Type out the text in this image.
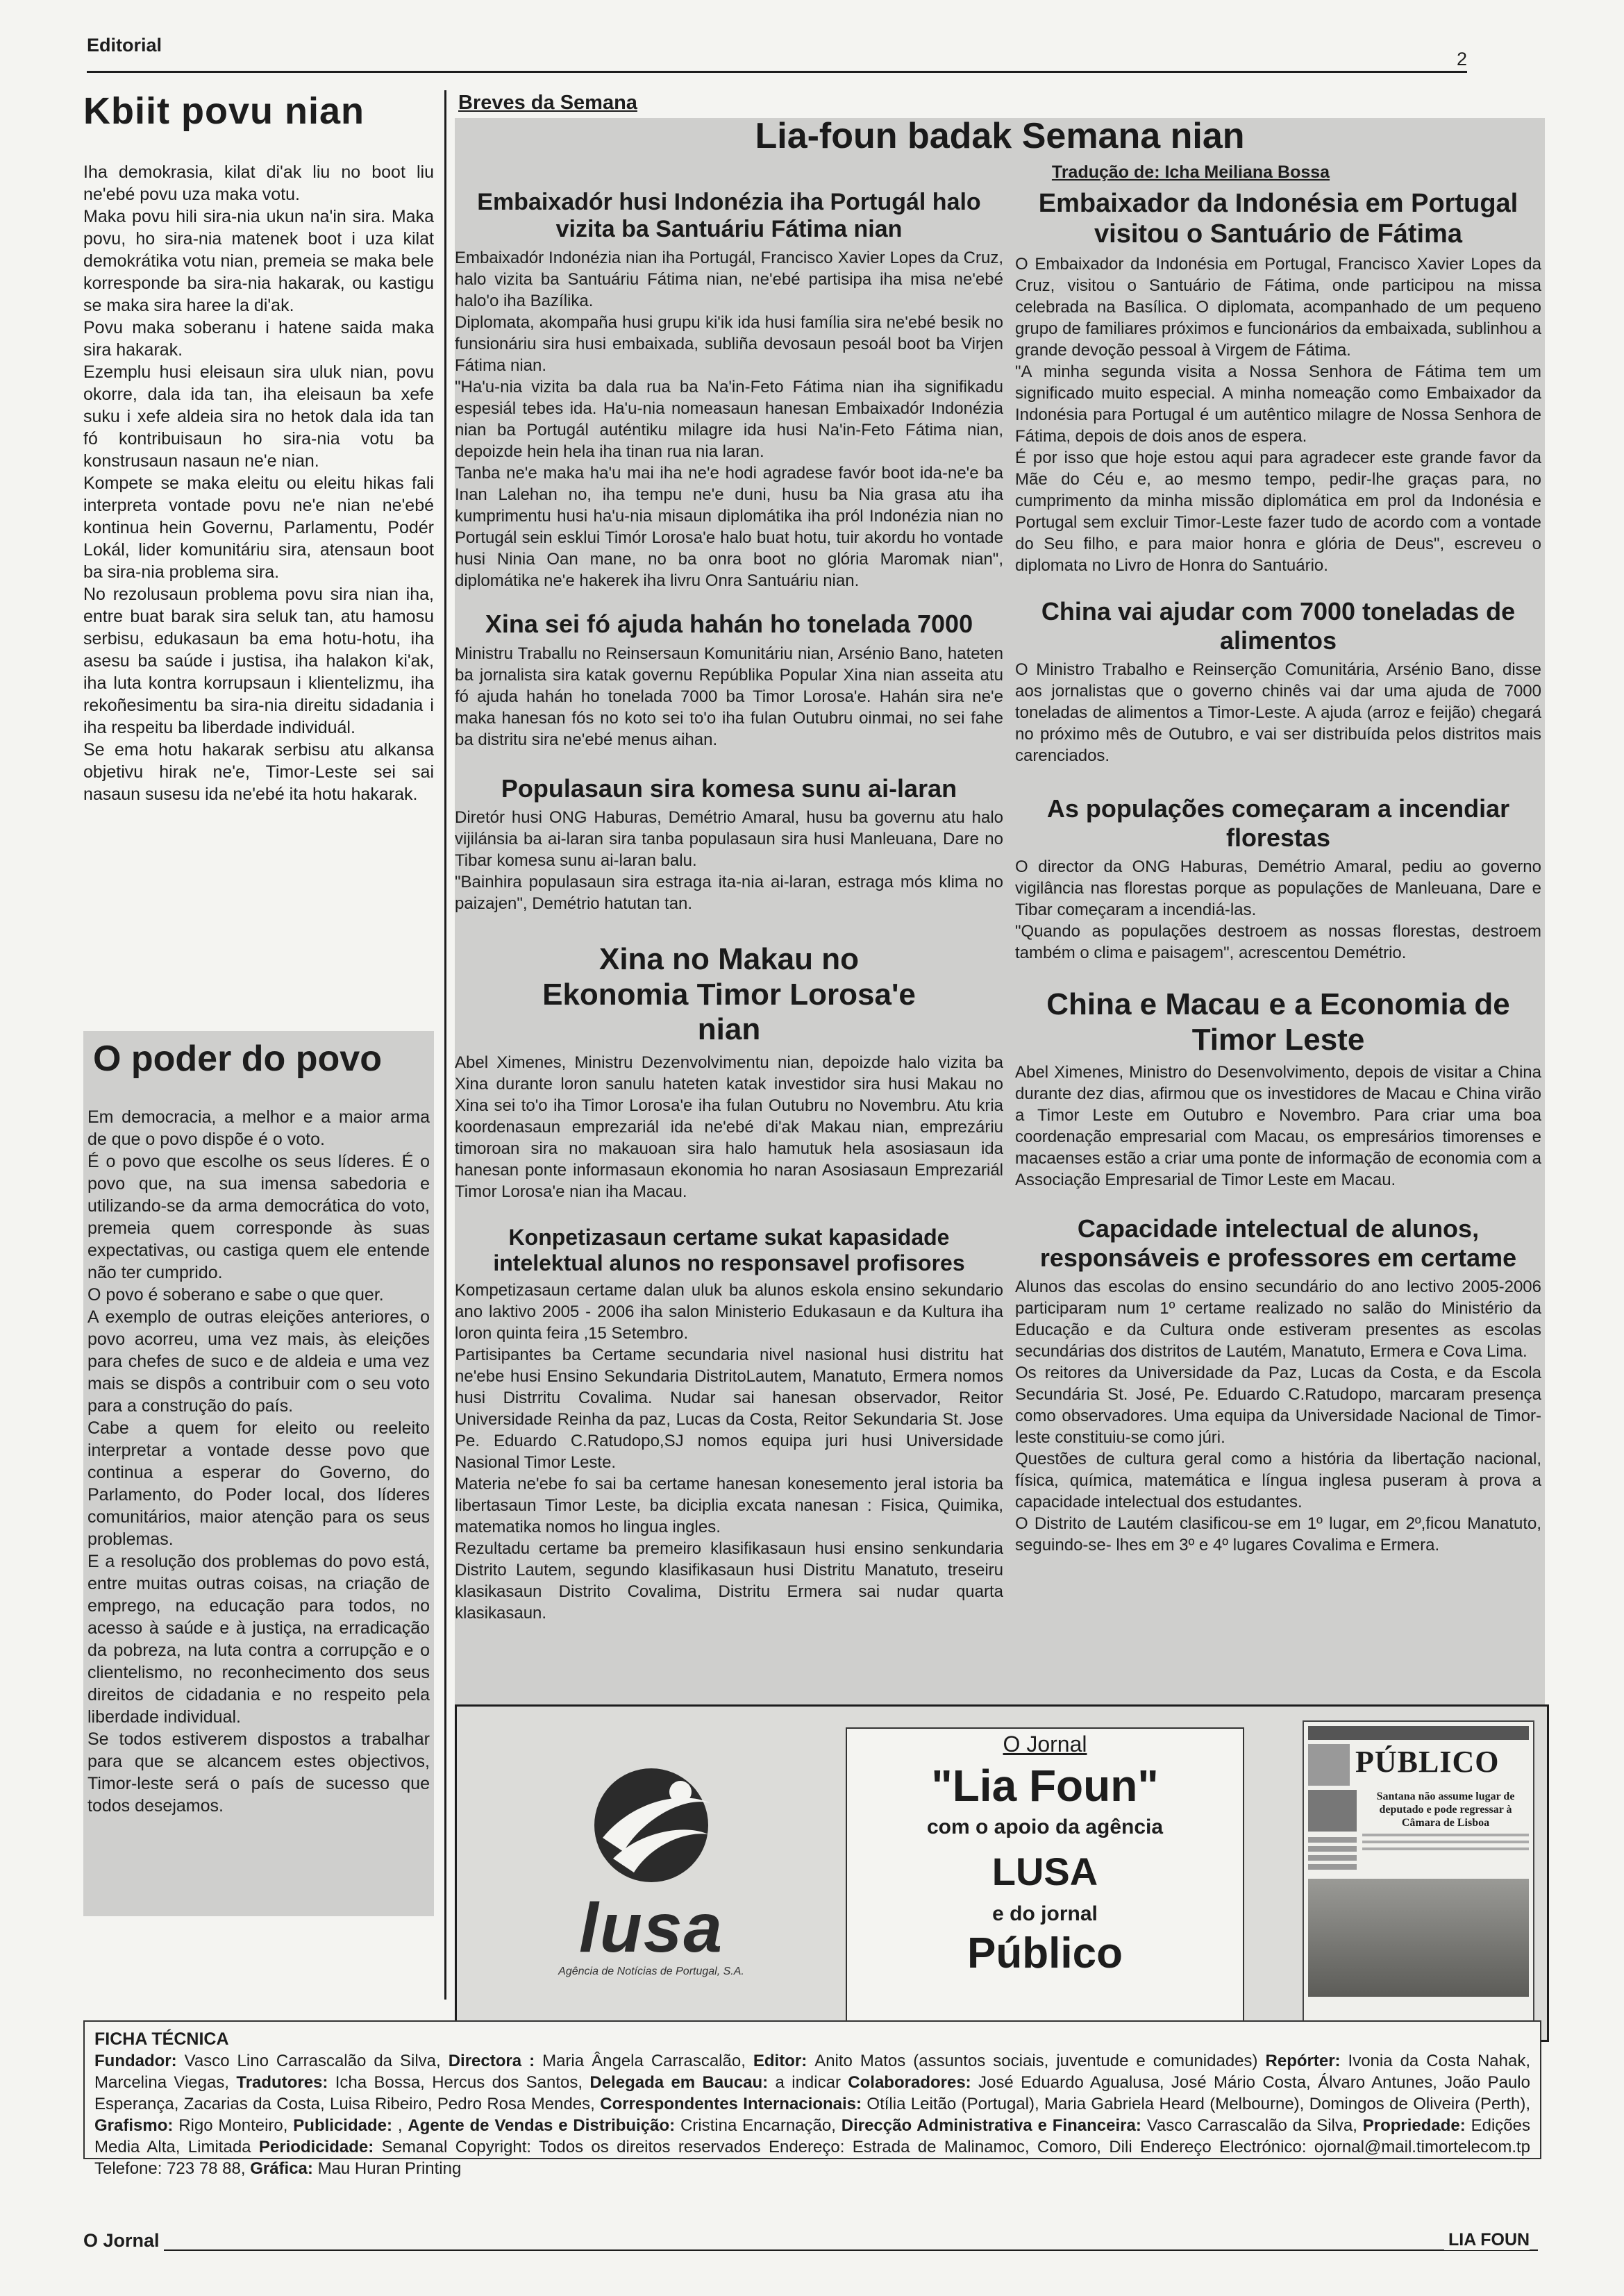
Editorial
2
Kbiit povu nian
Iha demokrasia, kilat di'ak liu no boot liu ne'ebé povu uza maka votu.
Maka povu hili sira-nia ukun na'in sira. Maka povu, ho sira-nia matenek boot i uza kilat demokrátika votu nian, premeia se maka bele korresponde ba sira-nia hakarak, ou kastigu se maka sira haree la di'ak.
Povu maka soberanu i hatene saida maka sira hakarak.
Ezemplu husi eleisaun sira uluk nian, povu okorre, dala ida tan, iha eleisaun ba xefe suku i xefe aldeia sira no hetok dala ida tan fó kontribuisaun ho sira-nia votu ba konstrusaun nasaun ne'e nian.
Kompete se maka eleitu ou eleitu hikas fali interpreta vontade povu ne'e nian ne'ebé kontinua hein Governu, Parlamentu, Podér Lokál, lider komunitáriu sira, atensaun boot ba sira-nia problema sira.
No rezolusaun problema povu sira nian iha, entre buat barak sira seluk tan, atu hamosu serbisu, edukasaun ba ema hotu-hotu, iha asesu ba saúde i justisa, iha halakon ki'ak, iha luta kontra korrupsaun i klientelizmu, iha rekoñesimentu ba sira-nia direitu sidadania i iha respeitu ba liberdade individuál.
Se ema hotu hakarak serbisu atu alkansa objetivu hirak ne'e, Timor-Leste sei sai nasaun susesu ida ne'ebé ita hotu hakarak.
O poder do povo
Em democracia, a melhor e a maior arma de que o povo dispõe é o voto.
É o povo que escolhe os seus líderes. É o povo que, na sua imensa sabedoria e utilizando-se da arma democrática do voto, premeia quem corresponde às suas expectativas, ou castiga quem ele entende não ter cumprido.
O povo é soberano e sabe o que quer.
A exemplo de outras eleições anteriores, o povo acorreu, uma vez mais, às eleições para chefes de suco e de aldeia e uma vez mais se dispôs a contribuir com o seu voto para a construção do país.
Cabe a quem for eleito ou reeleito interpretar a vontade desse povo que continua a esperar do Governo, do Parlamento, do Poder local, dos líderes comunitários, maior atenção para os seus problemas.
E a resolução dos problemas do povo está, entre muitas outras coisas, na criação de emprego, na educação para todos, no acesso à saúde e à justiça, na erradicação da pobreza, na luta contra a corrupção e o clientelismo, no reconhecimento dos seus direitos de cidadania e no respeito pela liberdade individual.
Se todos estiverem dispostos a trabalhar para que se alcancem estes objectivos, Timor-leste será o país de sucesso que todos desejamos.
Breves da Semana
Lia-foun badak Semana nian
Tradução de: Icha Meiliana Bossa
Embaixadór husi Indonézia iha Portugál halo vizita ba Santuáriu Fátima nian
Embaixadór Indonézia nian iha Portugál, Francisco Xavier Lopes da Cruz, halo vizita ba Santuáriu Fátima nian, ne'ebé partisipa iha misa ne'ebé halo'o iha Bazílika.
Diplomata, akompaña husi grupu ki'ik ida husi família sira ne'ebé besik no funsionáriu sira husi embaixada, subliña devosaun pesoál boot ba Virjen Fátima nian.
"Ha'u-nia vizita ba dala rua ba Na'in-Feto Fátima nian iha signifikadu espesiál tebes ida. Ha'u-nia nomeasaun hanesan Embaixadór Indonézia nian ba Portugál auténtiku milagre ida husi Na'in-Feto Fátima nian, depoizde hein hela iha tinan rua nia laran.
Tanba ne'e maka ha'u mai iha ne'e hodi agradese favór boot ida-ne'e ba Inan Lalehan no, iha tempu ne'e duni, husu ba Nia grasa atu iha kumprimentu husi ha'u-nia misaun diplomátika iha pról Indonézia nian no Portugál sein esklui Timór Lorosa'e halo buat hotu, tuir akordu ho vontade husi Ninia Oan mane, no ba onra boot no glória Maromak nian", diplomátika ne'e hakerek iha livru Onra Santuáriu nian.
Xina sei fó ajuda hahán ho tonelada 7000
Ministru Traballu no Reinsersaun Komunitáriu nian, Arsénio Bano, hateten ba jornalista sira katak governu Repúblika Popular Xina nian asseita atu fó ajuda hahán ho tonelada 7000 ba Timor Lorosa'e. Hahán sira ne'e maka hanesan fós no koto sei to'o iha fulan Outubru oinmai, no sei fahe ba distritu sira ne'ebé menus aihan.
Populasaun sira komesa sunu ai-laran
Diretór husi ONG Haburas, Demétrio Amaral, husu ba governu atu halo vijilánsia ba ai-laran sira tanba populasaun sira husi Manleuana, Dare no Tibar komesa sunu ai-laran balu.
"Bainhira populasaun sira estraga ita-nia ai-laran, estraga mós klima no paizajen", Demétrio hatutan tan.
Xina no Makau no Ekonomia Timor Lorosa'e nian
Abel Ximenes, Ministru Dezenvolvimentu nian, depoizde halo vizita ba Xina durante loron sanulu hateten katak investidor sira husi Makau no Xina sei to'o iha Timor Lorosa'e iha fulan Outubru no Novembru. Atu kria koordenasaun emprezariál ida ne'ebé di'ak Makau nian, emprezáriu timoroan sira no makauoan sira halo hamutuk hela asosiasaun ida hanesan ponte informasaun ekonomia ho naran Asosiasaun Emprezariál Timor Lorosa'e nian iha Macau.
Konpetizasaun certame sukat kapasidade intelektual alunos no responsavel profisores
Kompetizasaun certame dalan uluk ba alunos eskola ensino sekundario ano laktivo 2005 - 2006 iha salon Ministerio Edukasaun e da Kultura iha loron quinta feira ,15 Setembro.
Partisipantes ba Certame secundaria nivel nasional husi distritu hat ne'ebe husi Ensino Sekundaria DistritoLautem, Manatuto, Ermera nomos husi Distrritu Covalima. Nudar sai hanesan observador, Reitor Universidade Reinha da paz, Lucas da Costa, Reitor Sekundaria St. Jose Pe. Eduardo C.Ratudopo,SJ nomos equipa juri husi Universidade Nasional Timor Leste.
Materia ne'ebe fo sai ba certame hanesan konesemento jeral istoria ba libertasaun Timor Leste, ba diciplia excata nanesan : Fisica, Quimika, matematika nomos ho lingua ingles.
Rezultadu certame ba premeiro klasifikasaun husi ensino senkundaria Distrito Lautem, segundo klasifikasaun husi Distritu Manatuto, treseiru klasikasaun Distrito Covalima, Distritu Ermera sai nudar quarta klasikasaun.
Embaixador da Indonésia em Portugal visitou o Santuário de Fátima
O Embaixador da Indonésia em Portugal, Francisco Xavier Lopes da Cruz, visitou o Santuário de Fátima, onde participou na missa celebrada na Basílica. O diplomata, acompanhado de um pequeno grupo de familiares próximos e funcionários da embaixada, sublinhou a grande devoção pessoal à Virgem de Fátima.
"A minha segunda visita a Nossa Senhora de Fátima tem um significado muito especial. A minha nomeação como Embaixador da Indonésia para Portugal é um autêntico milagre de Nossa Senhora de Fátima, depois de dois anos de espera.
É por isso que hoje estou aqui para agradecer este grande favor da Mãe do Céu e, ao mesmo tempo, pedir-lhe graças para, no cumprimento da minha missão diplomática em prol da Indonésia e Portugal sem excluir Timor-Leste fazer tudo de acordo com a vontade do Seu filho, e para maior honra e glória de Deus", escreveu o diplomata no Livro de Honra do Santuário.
China vai ajudar com 7000 toneladas de alimentos
O Ministro Trabalho e Reinserção Comunitária, Arsénio Bano, disse aos jornalistas que o governo chinês vai dar uma ajuda de 7000 toneladas de alimentos a Timor-Leste. A ajuda (arroz e feijão) chegará no próximo mês de Outubro, e vai ser distribuída pelos distritos mais carenciados.
As populações começaram a incendiar florestas
O director da ONG Haburas, Demétrio Amaral, pediu ao governo vigilância nas florestas porque as populações de Manleuana, Dare e Tibar começaram a incendiá-las.
"Quando as populações destroem as nossas florestas, destroem também o clima e paisagem", acrescentou Demétrio.
China e Macau e a Economia de Timor Leste
Abel Ximenes, Ministro do Desenvolvimento, depois de visitar a China durante dez dias, afirmou que os investidores de Macau e China virão a Timor Leste em Outubro e Novembro. Para criar uma boa coordenação empresarial com Macau, os empresários timorenses e macaenses estão a criar uma ponte de informação de economia com a Associação Empresarial de Timor Leste em Macau.
Capacidade intelectual de alunos, responsáveis e professores em certame
Alunos das escolas do ensino secundário do ano lectivo 2005-2006 participaram num 1º certame realizado no salão do Ministério da Educação e da Cultura onde estiveram presentes as escolas secundárias dos distritos de Lautém, Manatuto, Ermera e Cova Lima.
Os reitores da Universidade da Paz, Lucas da Costa, e da Escola Secundária St. José, Pe. Eduardo C.Ratudopo, marcaram presença como observadores. Uma equipa da Universidade Nacional de Timor-leste constituiu-se como júri.
Questões de cultura geral como a história da libertação nacional, física, química, matemática e língua inglesa puseram à prova a capacidade intelectual dos estudantes.
O Distrito de Lautém clasificou-se em 1º lugar, em 2º,ficou Manatuto, seguindo-se- lhes em 3º e 4º lugares Covalima e Ermera.
lusa
Agência de Notícias de Portugal, S.A.
O Jornal
"Lia Foun"
com o apoio da agência
LUSA
e do jornal
Público
PÚBLICO
Santana não assume lugar de deputado e pode regressar à Câmara de Lisboa
FICHA TÉCNICA
Fundador: Vasco Lino Carrascalão da Silva, Directora : Maria Ângela Carrascalão, Editor: Anito Matos (assuntos sociais, juventude e comunidades) Repórter: Ivonia da Costa Nahak, Marcelina Viegas, Tradutores: Icha Bossa, Hercus dos Santos, Delegada em Baucau: a indicar Colaboradores: José Eduardo Agualusa, José Mário Costa, Álvaro Antunes, João Paulo Esperança, Zacarias da Costa, Luisa Ribeiro, Pedro Rosa Mendes, Correspondentes Internacionais: Otília Leitão (Portugal), Maria Gabriela Heard (Melbourne), Domingos de Oliveira (Perth), Grafismo: Rigo Monteiro, Publicidade: , Agente de Vendas e Distribuição: Cristina Encarnação, Direcção Administrativa e Financeira: Vasco Carrascalão da Silva, Propriedade: Edições Media Alta, Limitada Periodicidade: Semanal Copyright: Todos os direitos reservados Endereço: Estrada de Malinamoc, Comoro, Dili Endereço Electrónico: ojornal@mail.timortelecom.tp Telefone: 723 78 88, Gráfica: Mau Huran Printing
O Jornal	LIA FOUN
